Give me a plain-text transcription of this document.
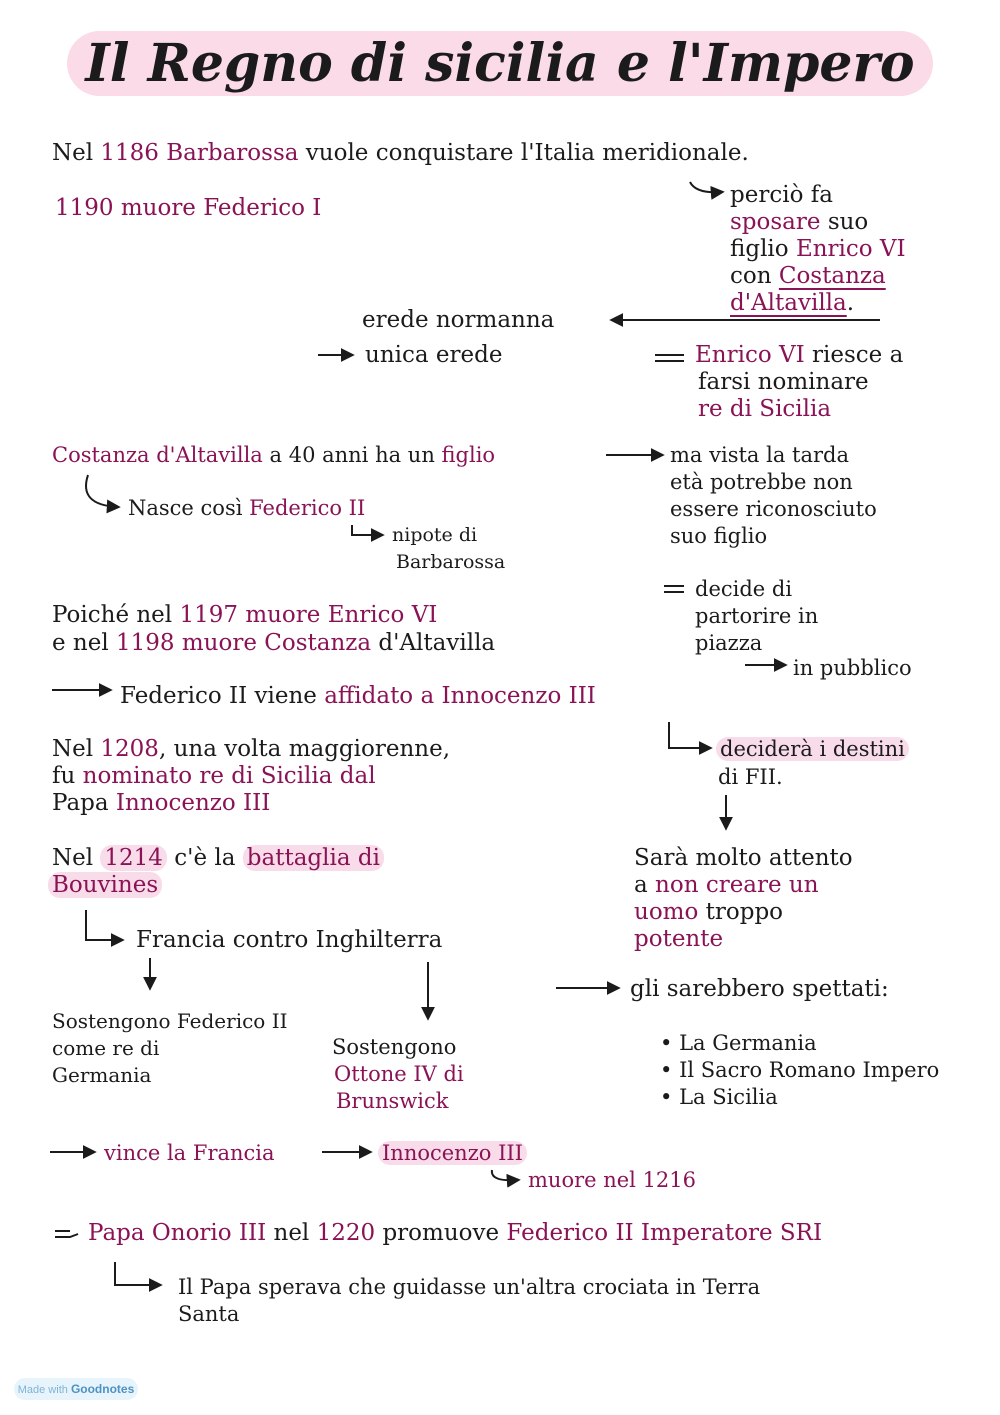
Il Regno di sicilia e l'Impero
Nel 1186 Barbarossa vuole conquistare l'Italia meridionale.
1190 muore Federico I	perciò fa
sposare suo
figlio Enrico VI
con Costanza
d'Altavilla.
erede normanna
unica erede	Enrico VI riesce a
farsi nominare
re di Sicilia
Costanza d'Altavilla a 40 anni ha un figlio	ma vista la tarda
età potrebbe non
essere riconosciuto
suo figlio
Nasce così Federico II
nipote di
Barbarossa
decide di
partorire in
piazza
in pubblico
Poiché nel 1197 muore Enrico VI
e nel 1198 muore Costanza d'Altavilla
Federico II viene affidato a Innocenzo III
deciderà i destini
di FII.
Nel 1208, una volta maggiorenne,
fu nominato re di Sicilia dal
Papa Innocenzo III
Sarà molto attento
a non creare un
uomo troppo
potente
Nel 1214 c'è la battaglia di
Bouvines
Francia contro Inghilterra
gli sarebbero spettati:
• La Germania
• Il Sacro Romano Impero
• La Sicilia
Sostengono Federico II
come re di
Germania
Sostengono
Ottone IV di
Brunswick
vince la Francia	Innocenzo III
muore nel 1216
Papa Onorio III nel 1220 promuove Federico II Imperatore SRI
Il Papa sperava che guidasse un'altra crociata in Terra
Santa
Made with Goodnotes
